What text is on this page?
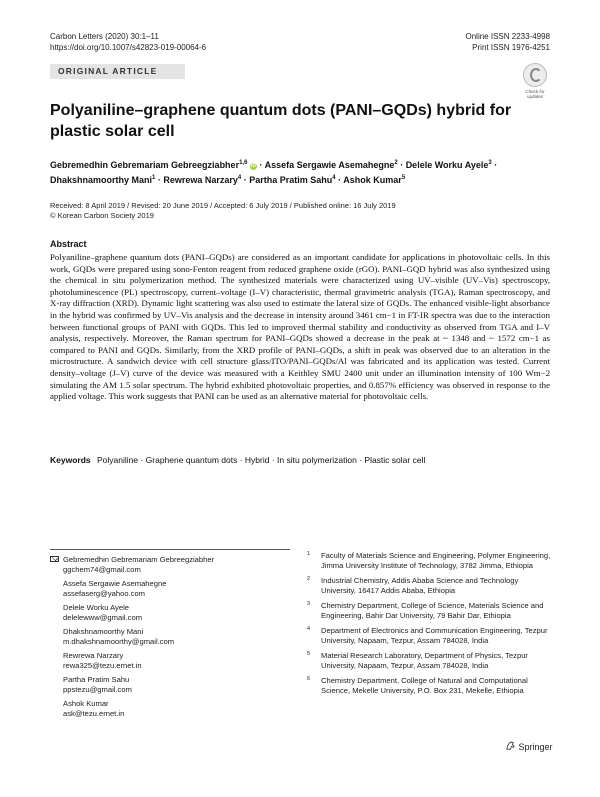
Carbon Letters (2020) 30:1–11
https://doi.org/10.1007/s42823-019-00064-6
Online ISSN 2233-4998
Print ISSN 1976-4251
ORIGINAL ARTICLE
Check for
updates
Polyaniline–graphene quantum dots (PANI–GQDs) hybrid for plastic solar cell
Gebremedhin Gebremariam Gebreegziabher$^{1,6}$ iD · Assefa Sergawie Asemahegne$^2$ · Delele Worku Ayele$^3$ ·
Dhakshnamoorthy Mani$^1$ · Rewrewa Narzary$^4$ · Partha Pratim Sahu$^4$ · Ashok Kumar$^5$
Received: 8 April 2019 / Revised: 20 June 2019 / Accepted: 6 July 2019 / Published online: 16 July 2019
© Korean Carbon Society 2019
Abstract

Polyaniline–graphene quantum dots (PANI–GQDs) are considered as an important candidate for applications in photovoltaic cells. In this work, GQDs were prepared using sono-Fenton reagent from reduced graphene oxide (rGO). PANI–GQD hybrid was also synthesized using the chemical in situ polymerization method. The synthesized materials were characterized using UV–visible (UV–Vis) spectroscopy, photoluminescence (PL) spectroscopy, current–voltage (I–V) characteristic, thermal gravimetric analysis (TGA), Raman spectroscopy, and X-ray diffraction (XRD). Dynamic light scattering was also used to estimate the lateral size of GQDs. The enhanced visible-light absorbance in the hybrid was confirmed by UV–Vis analysis and the decrease in intensity around 3461 cm−1 in FT-IR spectra was due to the interaction between functional groups of PANI with GQDs. This led to improved thermal stability and conductivity as observed from TGA and I–V analysis, respectively. Moreover, the Raman spectrum for PANI–GQDs showed a decrease in the peak at ~ 1348 and ~ 1572 cm−1 as compared to PANI and GQDs. Similarly, from the XRD profile of PANI–GQDs, a shift in peak was observed due to an alteration in the microstructure. A sandwich device with cell structure glass/ITO/PANI–GQDs/Al was fabricated and its application was tested. Current density–voltage (J–V) curve of the device was measured with a Keithley SMU 2400 unit under an illumination intensity of 100 Wm−2 simulating the AM 1.5 solar spectrum. The hybrid exhibited photovoltaic properties, and 0.857% efficiency was observed in response to the applied voltage. This work suggests that PANI can be used as an alternative material for photovoltaic cells.

Keywords Polyaniline · Graphene quantum dots · Hybrid · In situ polymerization · Plastic solar cell
Gebremedhin Gebremariam Gebreegziabher
ggchem74@gmail.com
Assefa Sergawie Asemahegne
assefaserg@yahoo.com
Delele Worku Ayele
delelewww@gmail.com
Dhakshnamoorthy Mani
m.dhakshnamoorthy@gmail.com
Rewrewa Narzary
rewa325@tezu.ernet.in
Partha Pratim Sahu
ppstezu@gmail.com
Ashok Kumar
ask@tezu.ernet.in
1 Faculty of Materials Science and Engineering, Polymer Engineering, Jimma University Institute of Technology, 3782 Jimma, Ethiopia
2 Industrial Chemistry, Addis Ababa Science and Technology University, 16417 Addis Ababa, Ethiopia
3 Chemistry Department, College of Science, Materials Science and Engineering, Bahir Dar University, 79 Bahir Dar, Ethiopia
4 Department of Electronics and Communication Engineering, Tezpur University, Napaam, Tezpur, Assam 784028, India
5 Material Research Laboratory, Department of Physics, Tezpur University, Napaam, Tezpur, Assam 784028, India
6 Chemistry Department, College of Natural and Computational Science, Mekelle University, P.O. Box 231, Mekelle, Ethiopia
Springer
